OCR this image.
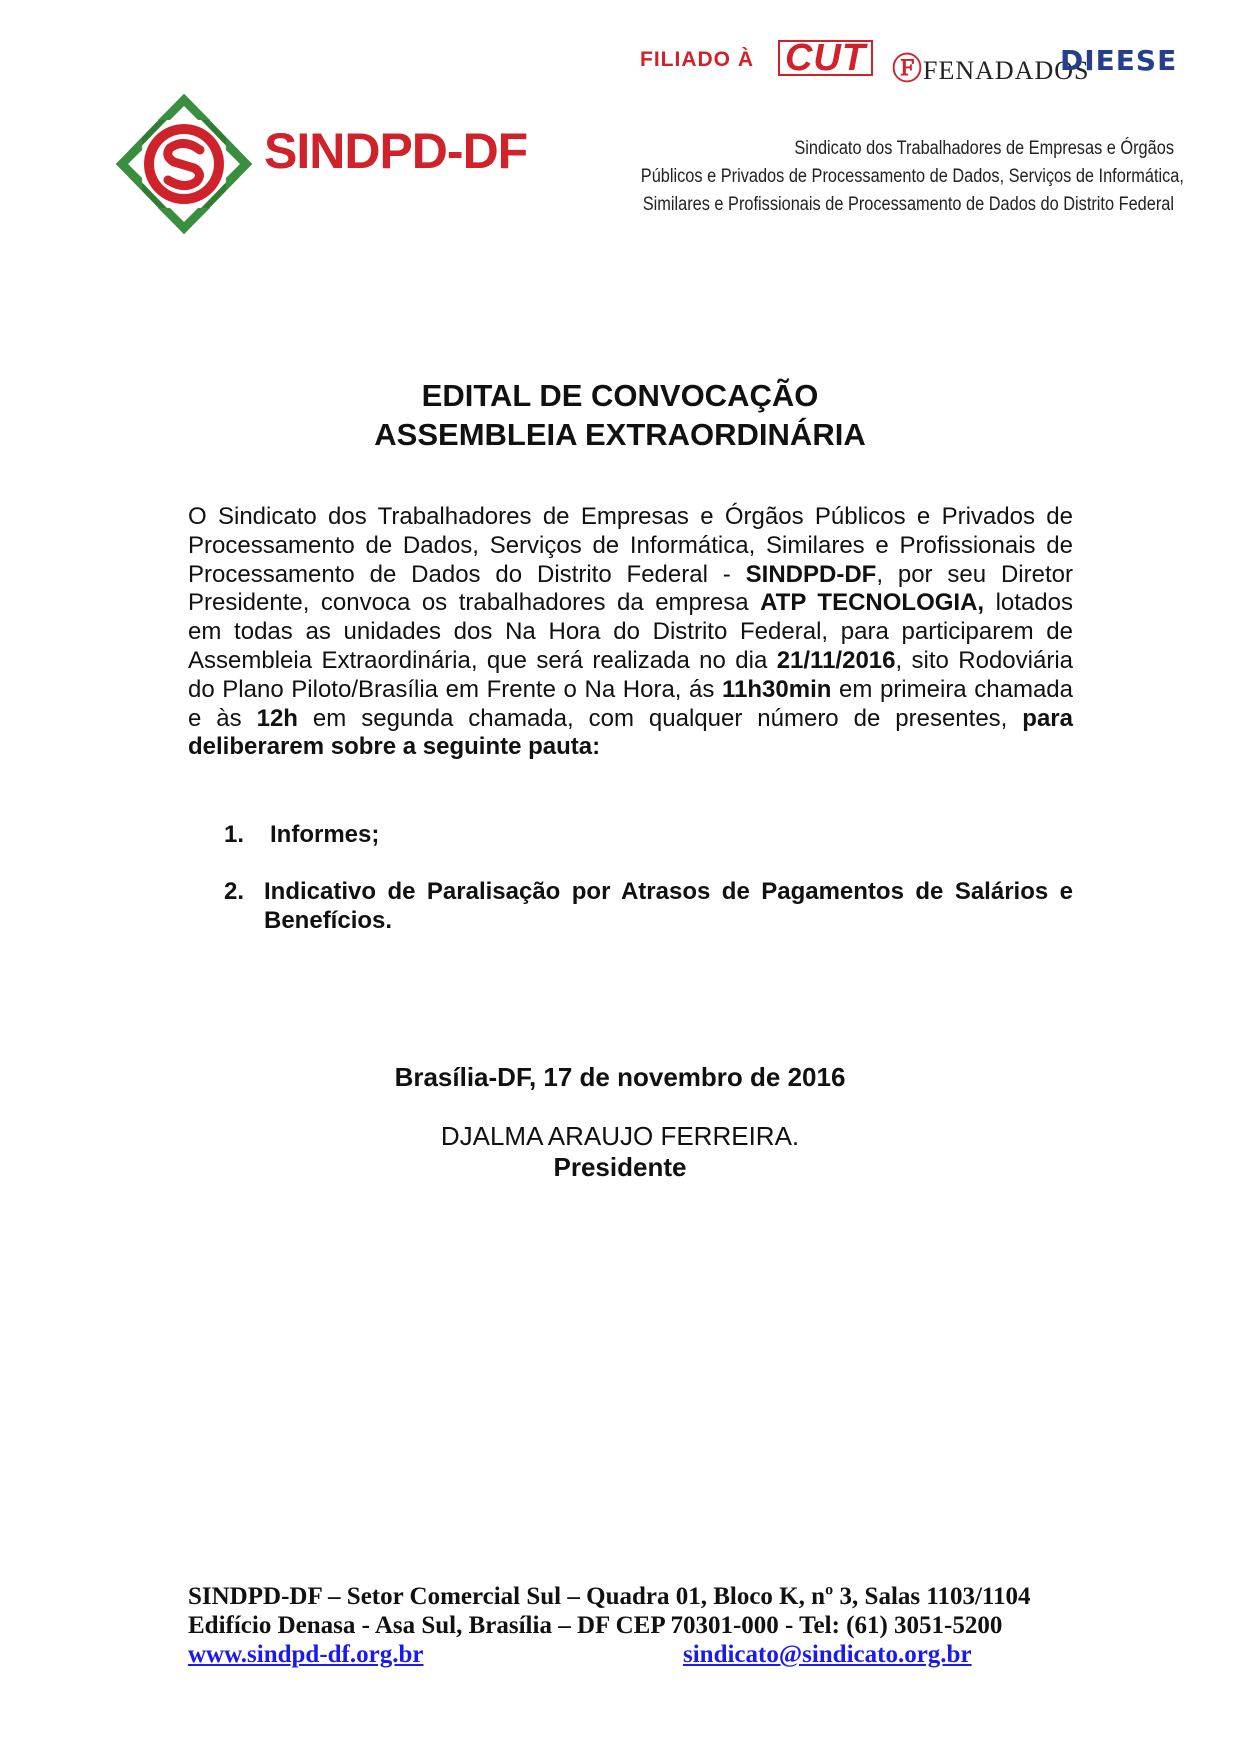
FILIADO À CUT ⒻFENADADOS
DIEESE
SINDPD-DF	Sindicato dos Trabalhadores de Empresas e Órgãos
Públicos e Privados de Processamento de Dados, Serviços de Informática,
Similares e Profissionais de Processamento de Dados do Distrito Federal
EDITAL DE CONVOCAÇÃO
ASSEMBLEIA EXTRAORDINÁRIA
O Sindicato dos Trabalhadores de Empresas e Órgãos Públicos e Privados de Processamento de Dados, Serviços de Informática, Similares e Profissionais de Processamento de Dados do Distrito Federal - SINDPD-DF, por seu Diretor Presidente, convoca os trabalhadores da empresa ATP TECNOLOGIA, lotados em todas as unidades dos Na Hora do Distrito Federal, para participarem de Assembleia Extraordinária, que será realizada no dia 21/11/2016, sito Rodoviária do Plano Piloto/Brasília em Frente o Na Hora, ás 11h30min em primeira chamada e às 12h em segunda chamada, com qualquer número de presentes, para deliberarem sobre a seguinte pauta:
1. Informes;
2. Indicativo de Paralisação por Atrasos de Pagamentos de Salários e Benefícios.
Brasília-DF, 17 de novembro de 2016
DJALMA ARAUJO FERREIRA.
Presidente
SINDPD-DF – Setor Comercial Sul – Quadra 01, Bloco K, nº 3, Salas 1103/1104
Edifício Denasa - Asa Sul, Brasília – DF CEP 70301-000 - Tel: (61) 3051-5200
www.sindpd-df.org.br	sindicato@sindicato.org.br
